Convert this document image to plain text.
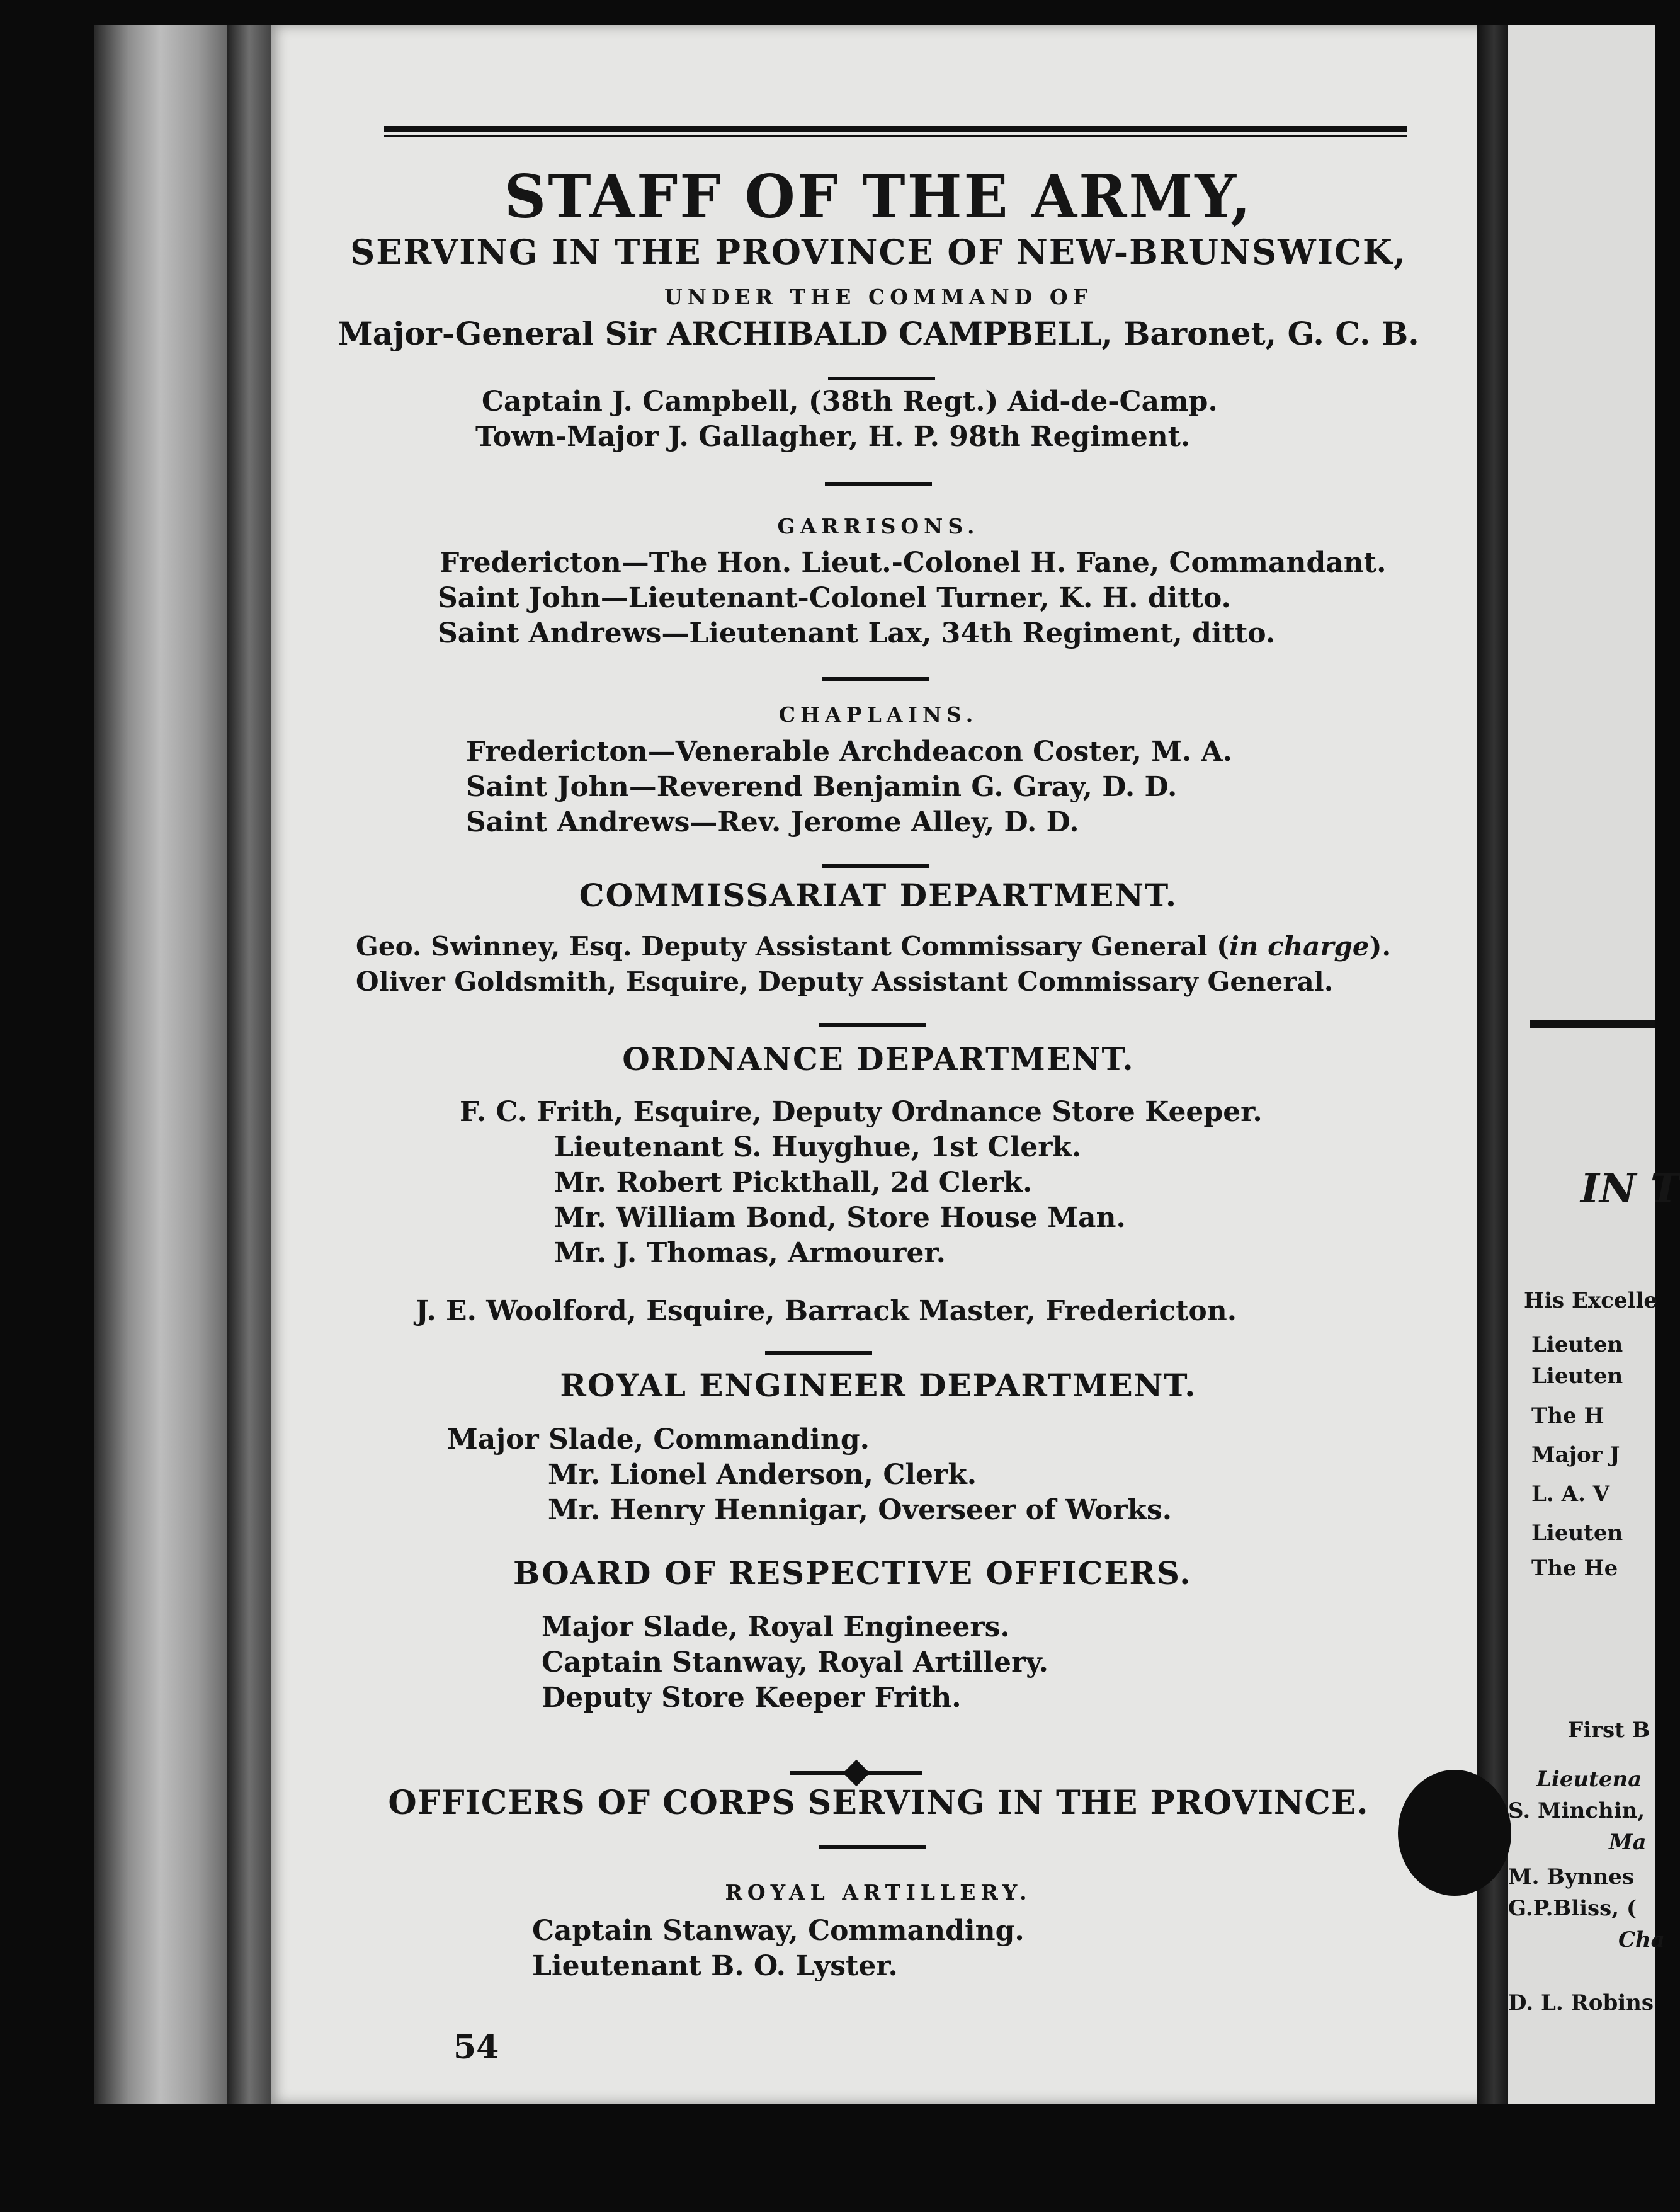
STAFF OF THE ARMY,
SERVING IN THE PROVINCE OF NEW-BRUNSWICK,
UNDER THE COMMAND OF
Major-General Sir ARCHIBALD CAMPBELL, Baronet, G. C. B.
Captain J. Campbell, (38th Regt.) Aid-de-Camp.
Town-Major J. Gallagher, H. P. 98th Regiment.
GARRISONS.
Fredericton—The Hon. Lieut.-Colonel H. Fane, Commandant.
Saint John—Lieutenant-Colonel Turner, K. H. ditto.
Saint Andrews—Lieutenant Lax, 34th Regiment, ditto.
CHAPLAINS.
Fredericton—Venerable Archdeacon Coster, M. A.
Saint John—Reverend Benjamin G. Gray, D. D.
Saint Andrews—Rev. Jerome Alley, D. D.
COMMISSARIAT DEPARTMENT.
Geo. Swinney, Esq. Deputy Assistant Commissary General (in charge).
Oliver Goldsmith, Esquire, Deputy Assistant Commissary General.
ORDNANCE DEPARTMENT.
F. C. Frith, Esquire, Deputy Ordnance Store Keeper.
Lieutenant S. Huyghue, 1st Clerk.
Mr. Robert Pickthall, 2d Clerk.
Mr. William Bond, Store House Man.
Mr. J. Thomas, Armourer.
J. E. Woolford, Esquire, Barrack Master, Fredericton.
ROYAL ENGINEER DEPARTMENT.
Major Slade, Commanding.
Mr. Lionel Anderson, Clerk.
Mr. Henry Hennigar, Overseer of Works.
BOARD OF RESPECTIVE OFFICERS.
Major Slade, Royal Engineers.
Captain Stanway, Royal Artillery.
Deputy Store Keeper Frith.
OFFICERS OF CORPS SERVING IN THE PROVINCE.
ROYAL ARTILLERY.
Captain Stanway, Commanding.
Lieutenant B. O. Lyster.
54
IN T
His Excelle
Lieuten
Lieuten
The H
Major J
L. A. V
Lieuten
The He
First B
Lieutena
S. Minchin,
Ma
M. Bynnes
G.P.Bliss, (
Cha
D. L. Robins
